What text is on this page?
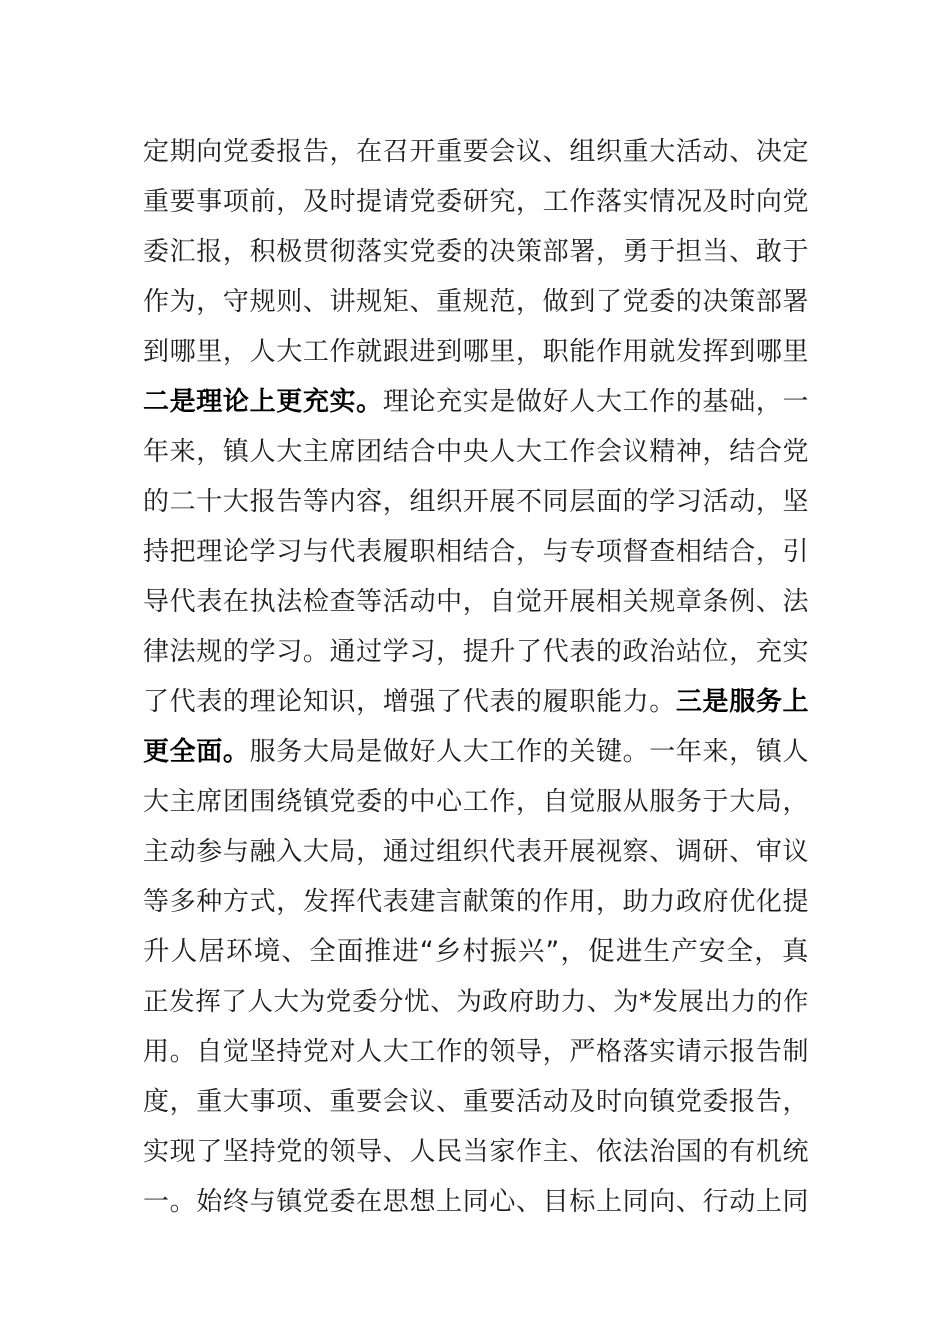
定期向党委报告，在召开重要会议、组织重大活动、决定
重要事项前，及时提请党委研究，工作落实情况及时向党
委汇报，积极贯彻落实党委的决策部署，勇于担当、敢于
作为，守规则、讲规矩、重规范，做到了党委的决策部署
到哪里，人大工作就跟进到哪里，职能作用就发挥到哪里
二是理论上更充实。理论充实是做好人大工作的基础，一
年来，镇人大主席团结合中央人大工作会议精神，结合党
的二十大报告等内容，组织开展不同层面的学习活动，坚
持把理论学习与代表履职相结合，与专项督查相结合，引
导代表在执法检查等活动中，自觉开展相关规章条例、法
律法规的学习。通过学习，提升了代表的政治站位，充实
了代表的理论知识，增强了代表的履职能力。三是服务上
更全面。服务大局是做好人大工作的关键。一年来，镇人
大主席团围绕镇党委的中心工作，自觉服从服务于大局，
主动参与融入大局，通过组织代表开展视察、调研、审议
等多种方式，发挥代表建言献策的作用，助力政府优化提
升人居环境、全面推进“乡村振兴”，促进生产安全，真
正发挥了人大为党委分忧、为政府助力、为*发展出力的作
用。自觉坚持党对人大工作的领导，严格落实请示报告制
度，重大事项、重要会议、重要活动及时向镇党委报告，
实现了坚持党的领导、人民当家作主、依法治国的有机统
一。始终与镇党委在思想上同心、目标上同向、行动上同
